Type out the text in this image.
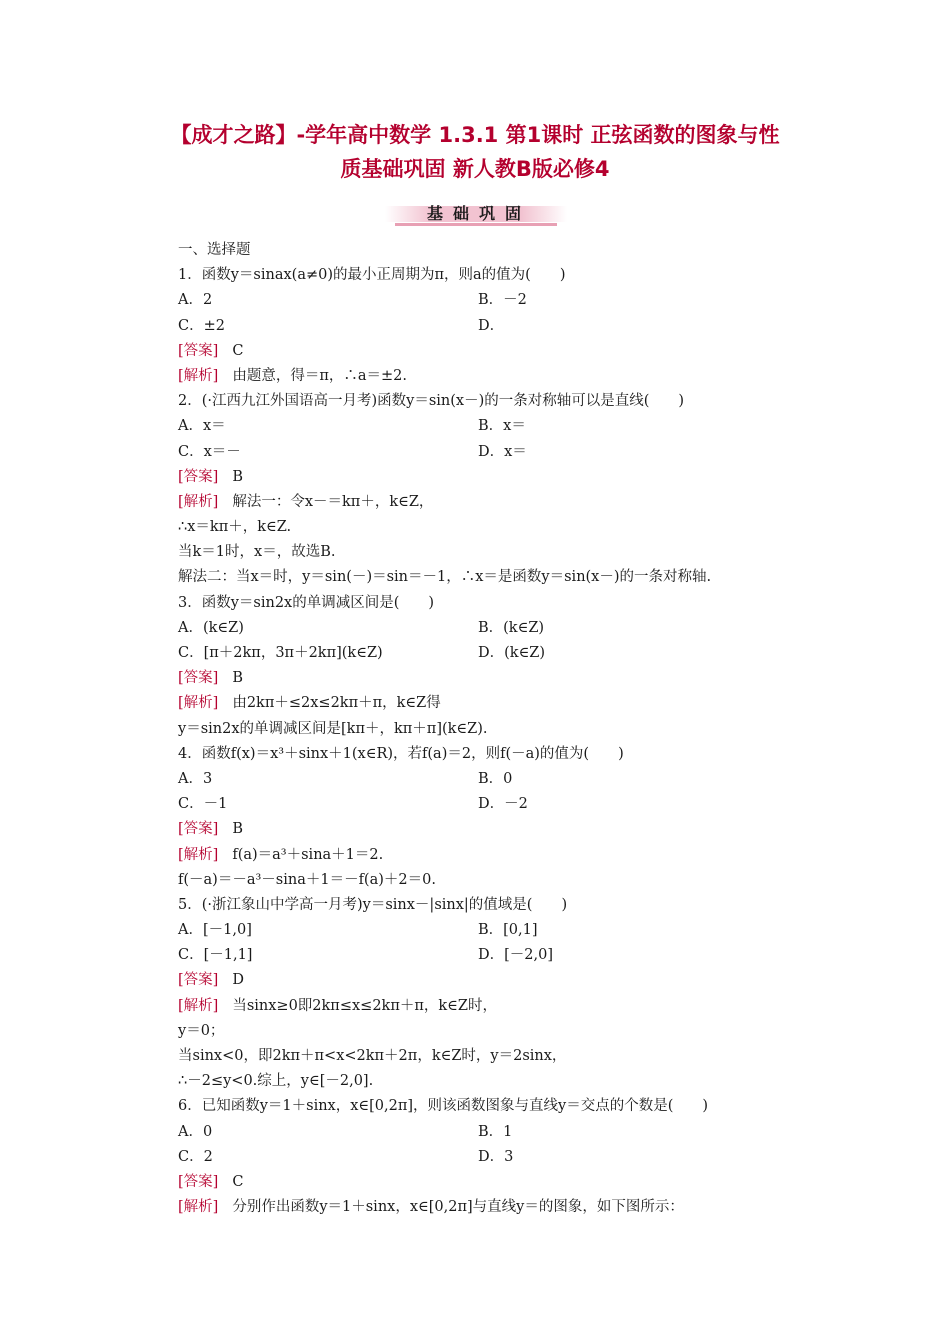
【成才之路】-学年高中数学 1.3.1 第1课时 正弦函数的图象与性
质基础巩固 新人教B版必修4
基础巩固
一、选择题
1．函数y＝sinax(a≠0)的最小正周期为π，则a的值为(　　)
A．2	B．－2
C．±2	D．
[答案] C
[解析] 由题意，得＝π，∴a＝±2.
2．(·江西九江外国语高一月考)函数y＝sin(x－)的一条对称轴可以是直线(　　)
A．x＝	B．x＝
C．x＝－	D．x＝
[答案] B
[解析] 解法一：令x－＝kπ＋，k∈Z，
∴x＝kπ＋，k∈Z.
当k＝1时，x＝，故选B.
解法二：当x＝时，y＝sin(－)＝sin＝－1，∴x＝是函数y＝sin(x－)的一条对称轴.
3．函数y＝sin2x的单调减区间是(　　)
A．(k∈Z)	B．(k∈Z)
C．[π＋2kπ，3π＋2kπ](k∈Z)	D．(k∈Z)
[答案] B
[解析] 由2kπ＋≤2x≤2kπ＋π，k∈Z得
y＝sin2x的单调减区间是[kπ＋，kπ＋π](k∈Z).
4．函数f(x)＝x³＋sinx＋1(x∈R)，若f(a)＝2，则f(－a)的值为(　　)
A．3	B．0
C．－1	D．－2
[答案] B
[解析] f(a)＝a³＋sina＋1＝2.
f(－a)＝－a³－sina＋1＝－f(a)＋2＝0.
5．(·浙江象山中学高一月考)y＝sinx－|sinx|的值域是(　　)
A．[－1,0]	B．[0,1]
C．[－1,1]	D．[－2,0]
[答案] D
[解析] 当sinx≥0即2kπ≤x≤2kπ＋π，k∈Z时，
y＝0；
当sinx<0，即2kπ＋π<x<2kπ＋2π，k∈Z时，y＝2sinx，
∴－2≤y<0.综上，y∈[－2,0].
6．已知函数y＝1＋sinx，x∈[0,2π]，则该函数图象与直线y＝交点的个数是(　　)
A．0	B．1
C．2	D．3
[答案] C
[解析] 分别作出函数y＝1＋sinx，x∈[0,2π]与直线y＝的图象，如下图所示：
